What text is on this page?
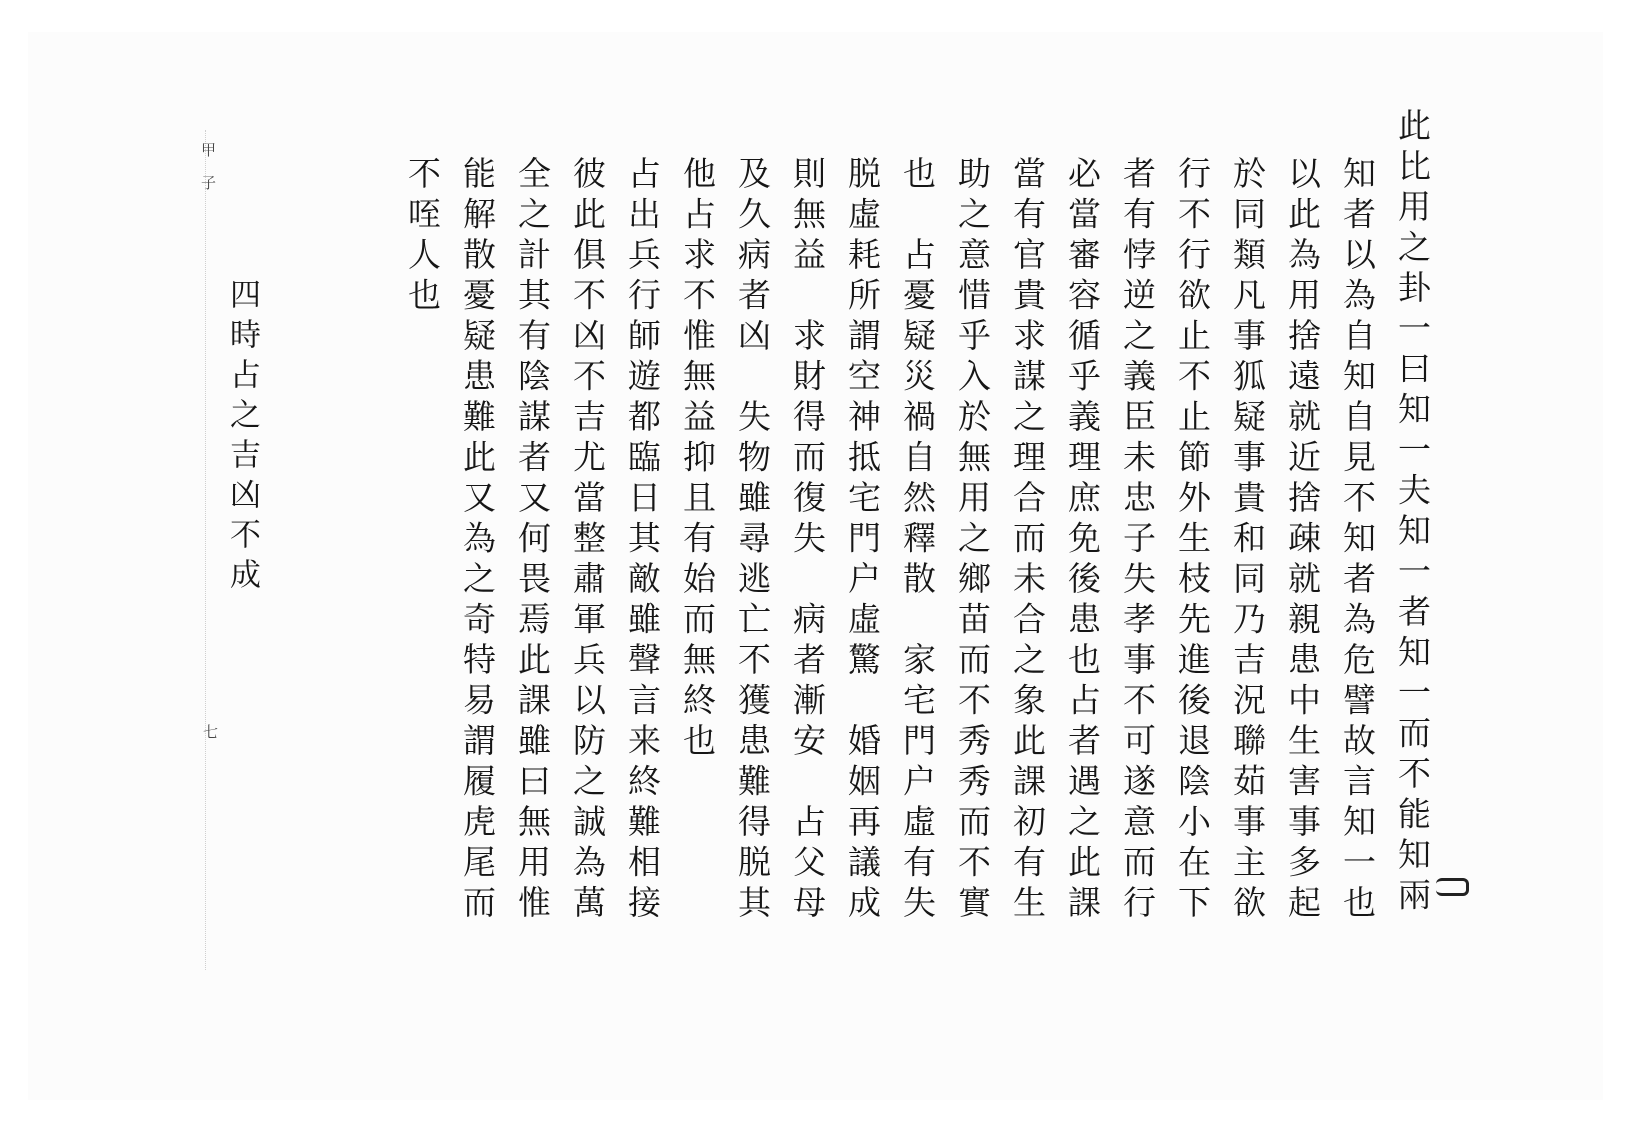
甲子
七	此比用之卦一曰知一夫知一者知一而不能知兩
知者以為自知自見不知者為危譬故言知一也
以此為用捨遠就近捨疎就親患中生害事多起
於同類凡事狐疑事貴和同乃吉況聯茹事主欲
行不行欲止不止節外生枝先進後退陰小在下
者有悖逆之義臣未忠子失孝事不可遂意而行
必當審容循乎義理庶免後患也占者遇之此課
當有官貴求謀之理合而未合之象此課初有生
助之意惜乎入於無用之鄉苗而不秀秀而不實
也　占憂疑災禍自然釋散　家宅門户虛有失
脱虛耗所謂空神抵宅門户虛驚　婚姻再議成
則無益　求財得而復失　病者漸安　占父母
及久病者凶　失物雖尋逃亡不獲患難得脱其
他占求不惟無益抑且有始而無終也
占出兵行師遊都臨日其敵雖聲言来終難相接
彼此俱不凶不吉尤當整肅軍兵以防之誠為萬
全之計其有陰謀者又何畏焉此課雖曰無用惟
能解散憂疑患難此又為之奇特易謂履虎尾而
不咥人也
四時占之吉凶不成
